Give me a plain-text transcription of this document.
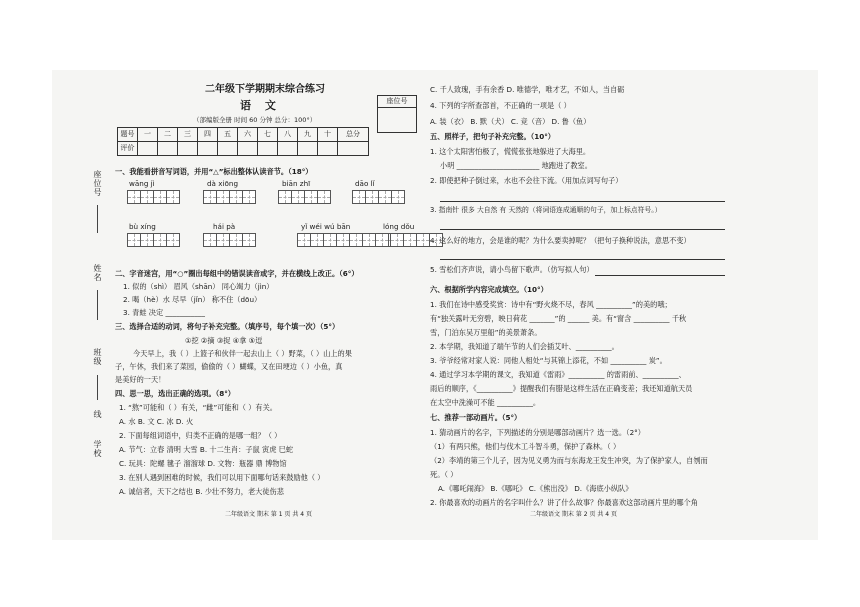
座位号
姓名
班级
线
学校
二年级下学期期末综合练习
语 文
（部编版全册 时间 60 分钟 总分：100°）
座位号
题号	一	二	三	四	五	六	七	八	九	十	总分
评价											
一、我能看拼音写词语，并用“△”标出整体认读音节。（18°）
wāng jì	dà xiōng	biān zhī	dāo lǐ
bù xíng	hái pà	yǐ wéi wú bān	lóng dǒu
二、字音迷宫，用“○”圈出每组中的错误读音或字，并在横线上改正。（6°）
1. 似的（shì） 眉风（shān） 同心竭力（jìn）
2. 喝（hè）水 尽早（jǐn） 称不住（dōu）
3. 青蛙 决定 ___________
三、选择合适的动词，将句子补充完整。（填序号，每个填一次）（5°）
①挖 ②摘 ③捉 ④拿 ⑤逗
今天早上，我（ ）上篮子和伙伴一起去山上（ ）野菜，（ ）山上的果
子，午休，我们来了菜园，偷偷的（ ）蝴蝶，又在田埂边（ ）小鱼，真
是美好的一天！
四、思一思，选出正确的选项。（8°）
1. “熬”可能和（ ）有关，“雌”可能和（ ）有关。
A. 水 B. 文 C. 冰 D. 火
2. 下面每组词语中，归类不正确的是哪一组？（ ）
A. 节气：立春 清明 大雪 B. 十二生肖：子鼠 寅虎 巳蛇
C. 玩具：陀螺 毽子 溜溜球 D. 文物：瓶器 鼎 博物馆
3. 在别人遇到困难的时候，我们可以用下面哪句话来鼓励他（ ）
A. 诚信者，天下之结也 B. 少壮不努力，老大徒伤悲
二年级语文 期末 第 1 页 共 4 页
C. 千人致瑰，手有余香 D. 唯德学，唯才艺，不如人，当自砺
4. 下列的字所查部首，不正确的一项是（ ）
A. 装（衣） B. 默（犬） C. 竞（音） D. 鲁（鱼）
五、照样子，把句子补充完整。（10°）
1. 这个太阳害怕极了，慌慌张张地躲进了大海里。
小明 _______________________ 地跑进了教室。
2. 即使把种子倒过来，水也不会往下流。（用加点词写句子）
3. 指南针 很多 大自然 有 天然的（将词语连成通顺的句子，加上标点符号。）
4. 这么好的地方，会是谁的呢？为什么要卖掉呢？（把句子换种说法，意思不变）
5. 雪松们齐声说，请小鸟留下歌声。（仿写拟人句）
六、根据所学内容完成填空。（10°）
1. 我们在诗中感受奖赏：诗中有“野火烧不尽，春风 __________”的美的哦；
有“独关露叶无穷碧，映日荷花 _______”的 ______ 美。有“窗含 __________ 千秋
雪，门泊东吴万里船”的美景萧条。
2. 本学期，我知道了端午节的人们会插艾叶、__________。
3. 爷爷经常对家人说：同他人相处“与其锦上添花，不如 __________ 炭”。
4. 通过学习本学期的课文，我知道《雷雨》__________ 的雷雨前、__________、
雨后的顺序，《__________》提醒我们有腊是这样生活在正确变差；我还知道航天员
在太空中洗澡可不能 __________。
七、推荐一部动画片。（5°）
1. 猜动画片的名字，下列描述的分别是哪部动画片？选一选。（2°）
（1）有两只熊，他们与伐木工斗智斗勇，保护了森林。（ ）
（2）李靖的第三个儿子，因为见义勇为而与东海龙王发生冲突，为了保护家人，自刎而
死。（ ）
A.《哪吒闹海》 B.《哪吒》 C.《熊出没》 D.《海底小纵队》
2. 你最喜欢的动画片的名字叫什么？讲了什么故事？你最喜欢这部动画片里的哪个角
二年级语文 期末 第 2 页 共 4 页
